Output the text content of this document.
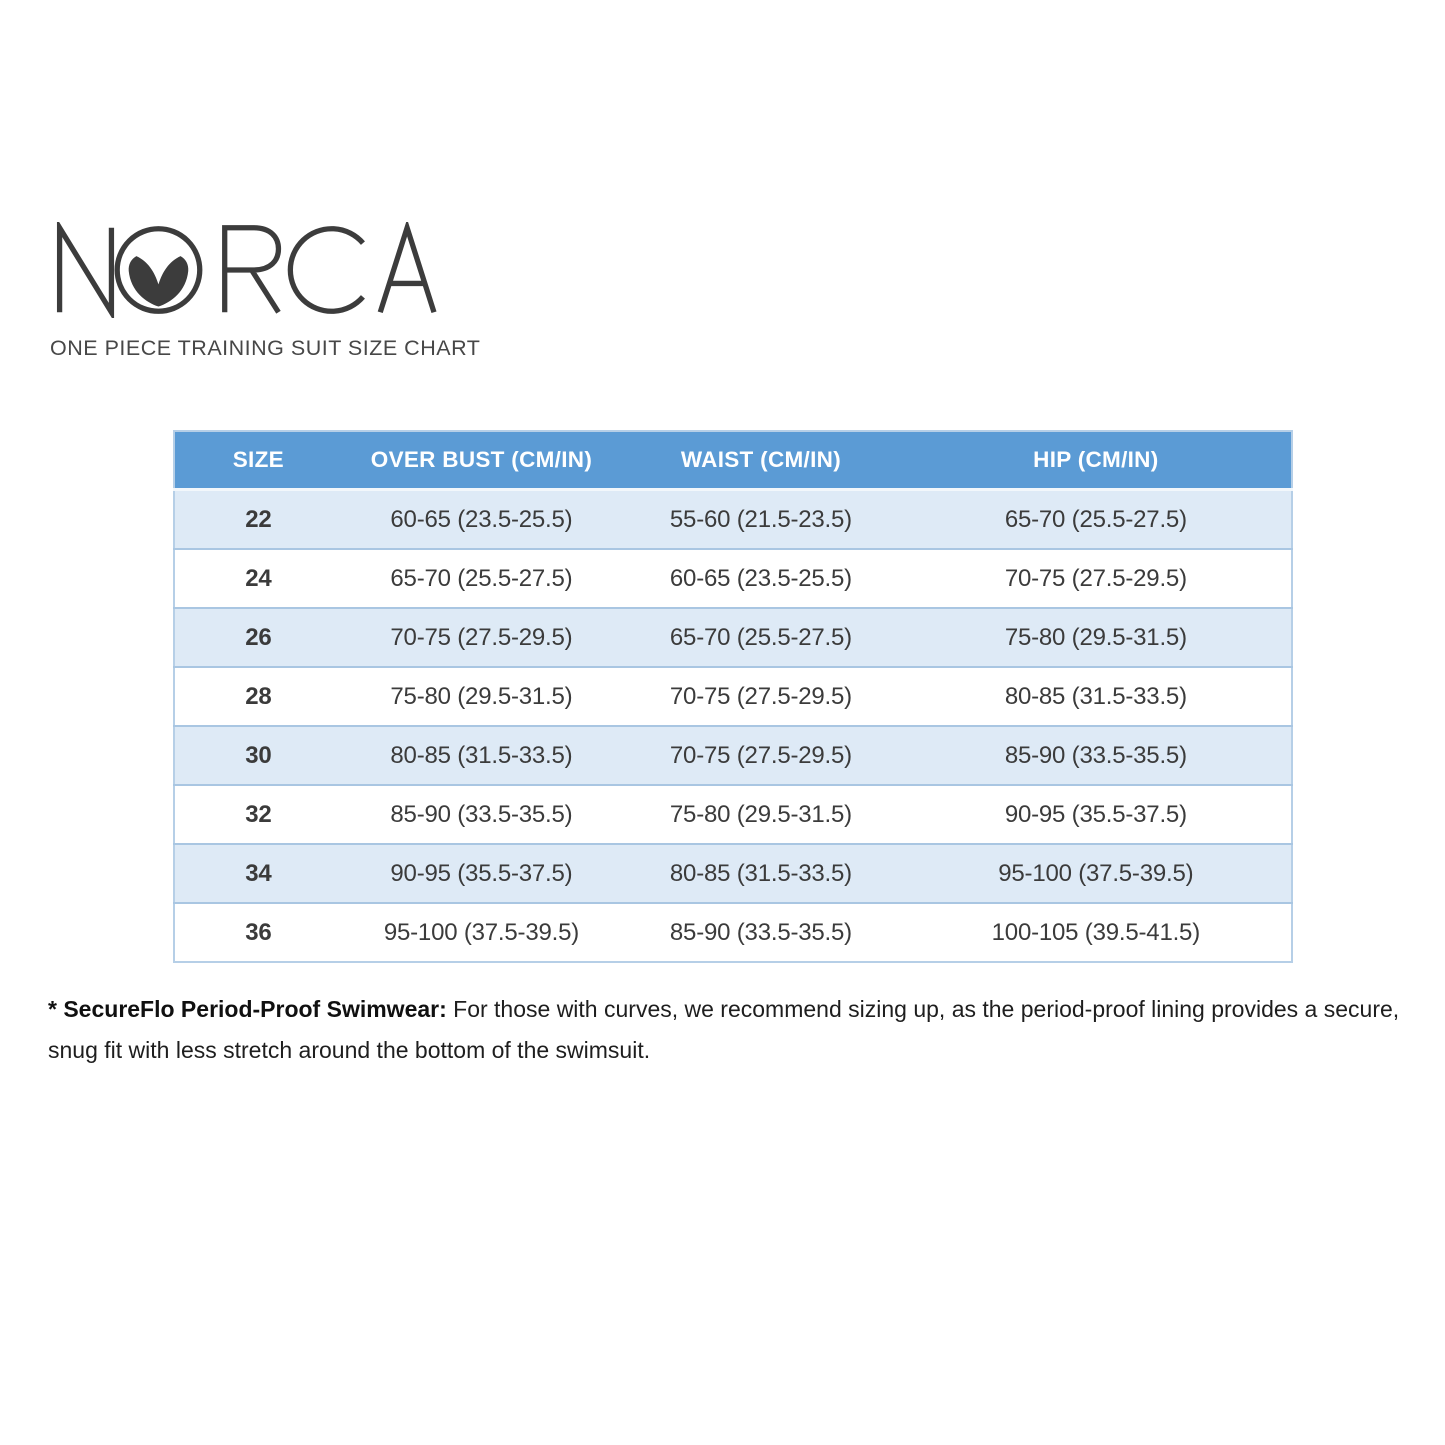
ONE PIECE TRAINING SUIT SIZE CHART
SIZE	OVER BUST (CM/IN)	WAIST (CM/IN)	HIP (CM/IN)
22	60-65 (23.5-25.5)	55-60 (21.5-23.5)	65-70 (25.5-27.5)
24	65-70 (25.5-27.5)	60-65 (23.5-25.5)	70-75 (27.5-29.5)
26	70-75 (27.5-29.5)	65-70 (25.5-27.5)	75-80 (29.5-31.5)
28	75-80 (29.5-31.5)	70-75 (27.5-29.5)	80-85 (31.5-33.5)
30	80-85 (31.5-33.5)	70-75 (27.5-29.5)	85-90 (33.5-35.5)
32	85-90 (33.5-35.5)	75-80 (29.5-31.5)	90-95 (35.5-37.5)
34	90-95 (35.5-37.5)	80-85 (31.5-33.5)	95-100 (37.5-39.5)
36	95-100 (37.5-39.5)	85-90 (33.5-35.5)	100-105 (39.5-41.5)

* SecureFlo Period-Proof Swimwear: For those with curves, we recommend sizing up, as the period-proof lining provides a secure, snug fit with less stretch around the bottom of the swimsuit.
